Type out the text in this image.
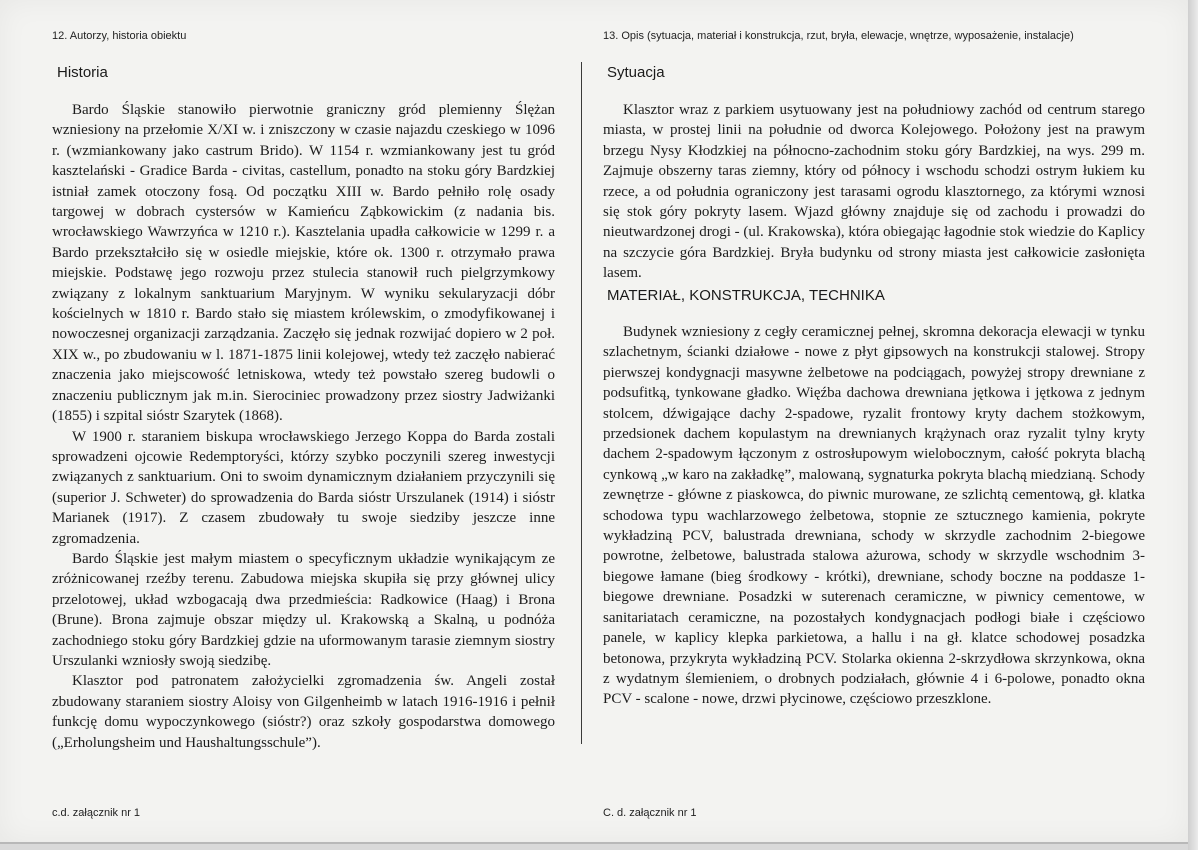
12. Autorzy, historia obiektu
Historia

Bardo Śląskie stanowiło pierwotnie graniczny gród plemienny Ślężan wzniesiony na przełomie X/XI w. i zniszczony w czasie najazdu czeskiego w 1096 r. (wzmiankowany jako castrum Brido). W 1154 r. wzmiankowany jest tu gród kasztelański - Gradice Barda - civitas, castellum, ponadto na stoku góry Bardzkiej istniał zamek otoczony fosą. Od początku XIII w. Bardo pełniło rolę osady targowej w dobrach cystersów w Kamieńcu Ząbkowickim (z nadania bis. wrocławskiego Wawrzyńca w 1210 r.). Kasztelania upadła całkowicie w 1299 r. a Bardo przekształciło się w osiedle miejskie, które ok. 1300 r. otrzymało prawa miejskie. Podstawę jego rozwoju przez stulecia stanowił ruch pielgrzymkowy związany z lokalnym sanktuarium Maryjnym. W wyniku sekularyzacji dóbr kościelnych w 1810 r. Bardo stało się miastem królewskim, o zmodyfikowanej i nowoczesnej organizacji zarządzania. Zaczęło się jednak rozwijać dopiero w 2 poł. XIX w., po zbudowaniu w l. 1871-1875 linii kolejowej, wtedy też zaczęło nabierać znaczenia jako miejscowość letniskowa, wtedy też powstało szereg budowli o znaczeniu publicznym jak m.in. Sierociniec prowadzony przez siostry Jadwiżanki (1855) i szpital sióstr Szarytek (1868).

W 1900 r. staraniem biskupa wrocławskiego Jerzego Koppa do Barda zostali sprowadzeni ojcowie Redemptoryści, którzy szybko poczynili szereg inwestycji związanych z sanktuarium. Oni to swoim dynamicznym działaniem przyczynili się (superior J. Schweter) do sprowadzenia do Barda sióstr Urszulanek (1914) i sióstr Marianek (1917). Z czasem zbudowały tu swoje siedziby jeszcze inne zgromadzenia.

Bardo Śląskie jest małym miastem o specyficznym układzie wynikającym ze zróżnicowanej rzeźby terenu. Zabudowa miejska skupiła się przy głównej ulicy przelotowej, układ wzbogacają dwa przedmieścia: Radkowice (Haag) i Brona (Brune). Brona zajmuje obszar między ul. Krakowską a Skalną, u podnóża zachodniego stoku góry Bardzkiej gdzie na uformowanym tarasie ziemnym siostry Urszulanki wzniosły swoją siedzibę.

Klasztor pod patronatem założycielki zgromadzenia św. Angeli został zbudowany staraniem siostry Aloisy von Gilgenheimb w latach 1916-1916 i pełnił funkcję domu wypoczynkowego (sióstr?) oraz szkoły gospodarstwa domowego („Erholungsheim und Haushaltungsschule”).

c.d. załącznik nr 1
13. Opis (sytuacja, materiał i konstrukcja, rzut, bryła, elewacje, wnętrze, wyposażenie, instalacje)
Sytuacja

Klasztor wraz z parkiem usytuowany jest na południowy zachód od centrum starego miasta, w prostej linii na południe od dworca Kolejowego. Położony jest na prawym brzegu Nysy Kłodzkiej na północno-zachodnim stoku góry Bardzkiej, na wys. 299 m. Zajmuje obszerny taras ziemny, który od północy i wschodu schodzi ostrym łukiem ku rzece, a od południa ograniczony jest tarasami ogrodu klasztornego, za którymi wznosi się stok góry pokryty lasem. Wjazd główny znajduje się od zachodu i prowadzi do nieutwardzonej drogi - (ul. Krakowska), która obiegając łagodnie stok wiedzie do Kaplicy na szczycie góra Bardzkiej. Bryła budynku od strony miasta jest całkowicie zasłonięta lasem.

MATERIAŁ, KONSTRUKCJA, TECHNIKA

Budynek wzniesiony z cegły ceramicznej pełnej, skromna dekoracja elewacji w tynku szlachetnym, ścianki działowe - nowe z płyt gipsowych na konstrukcji stalowej. Stropy pierwszej kondygnacji masywne żelbetowe na podciągach, powyżej stropy drewniane z podsufitką, tynkowane gładko. Więźba dachowa drewniana jętkowa i jętkowa z jednym stolcem, dźwigające dachy 2-spadowe, ryzalit frontowy kryty dachem stożkowym, przedsionek dachem kopulastym na drewnianych krążynach oraz ryzalit tylny kryty dachem 2-spadowym łączonym z ostrosłupowym wielobocznym, całość pokryta blachą cynkową „w karo na zakładkę”, malowaną, sygnaturka pokryta blachą miedzianą. Schody zewnętrze - główne z piaskowca, do piwnic murowane, ze szlichtą cementową, gł. klatka schodowa typu wachlarzowego żelbetowa, stopnie ze sztucznego kamienia, pokryte wykładziną PCV, balustrada drewniana, schody w skrzydle zachodnim 2-biegowe powrotne, żelbetowe, balustrada stalowa ażurowa, schody w skrzydle wschodnim 3-biegowe łamane (bieg środkowy - krótki), drewniane, schody boczne na poddasze 1-biegowe drewniane. Posadzki w suterenach ceramiczne, w piwnicy cementowe, w sanitariatach ceramiczne, na pozostałych kondygnacjach podłogi białe i częściowo panele, w kaplicy klepka parkietowa, a hallu i na gł. klatce schodowej posadzka betonowa, przykryta wykładziną PCV. Stolarka okienna 2-skrzydłowa skrzynkowa, okna z wydatnym ślemieniem, o drobnych podziałach, głównie 4 i 6-polowe, ponadto okna PCV - scalone - nowe, drzwi płycinowe, częściowo przeszklone.

C. d. załącznik nr 1
